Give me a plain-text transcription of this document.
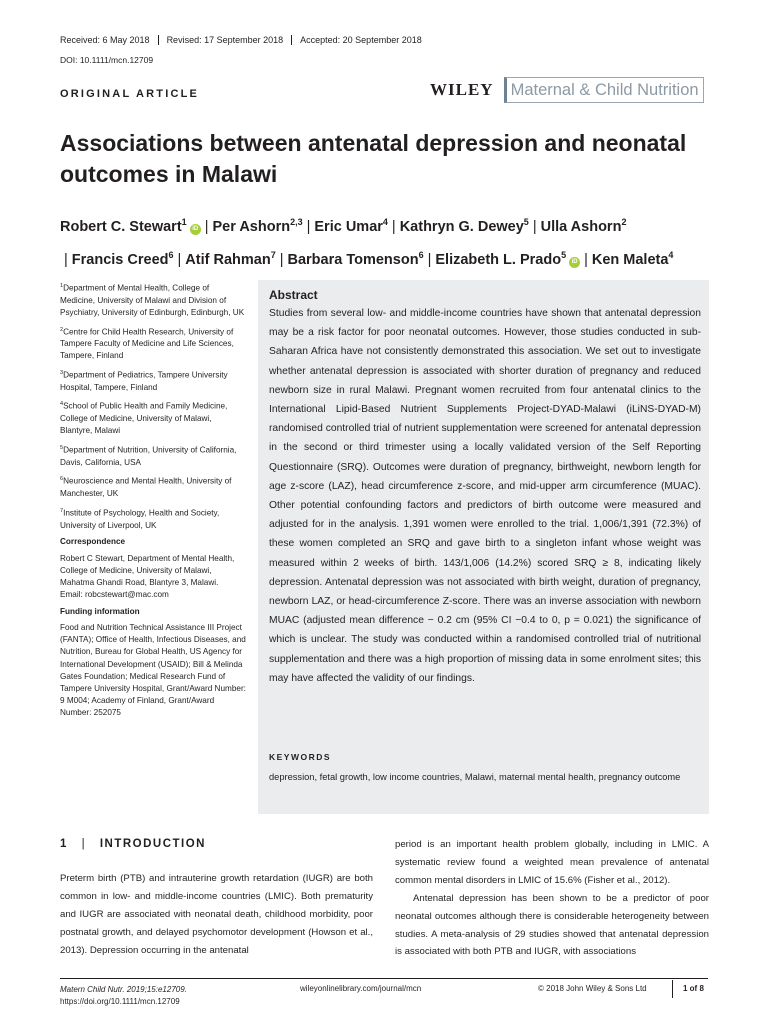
Received: 6 May 2018	Revised: 17 September 2018	Accepted: 20 September 2018
DOI: 10.1111/mcn.12709
ORIGINAL ARTICLE	WILEY	Maternal & Child Nutrition
Associations between antenatal depression and neonatal outcomes in Malawi
Robert C. Stewart$^1$iD | Per Ashorn$^{2,3}$ | Eric Umar$^4$ | Kathryn G. Dewey$^5$ | Ulla Ashorn$^2$
| Francis Creed$^6$ | Atif Rahman$^7$ | Barbara Tomenson$^6$ | Elizabeth L. Prado$^5$iD | Ken Maleta$^4$

$^1$Department of Mental Health, College of Medicine, University of Malawi and Division of Psychiatry, University of Edinburgh, Edinburgh, UK

$^2$Centre for Child Health Research, University of Tampere Faculty of Medicine and Life Sciences, Tampere, Finland

$^3$Department of Pediatrics, Tampere University Hospital, Tampere, Finland

$^4$School of Public Health and Family Medicine, College of Medicine, University of Malawi, Blantyre, Malawi

$^5$Department of Nutrition, University of California, Davis, California, USA

$^6$Neuroscience and Mental Health, University of Manchester, UK

$^7$Institute of Psychology, Health and Society, University of Liverpool, UK

Correspondence

Robert C Stewart, Department of Mental Health, College of Medicine, University of Malawi, Mahatma Ghandi Road, Blantyre 3, Malawi.

Email: robcstewart@mac.com

Funding information

Food and Nutrition Technical Assistance III Project (FANTA); Office of Health, Infectious Diseases, and Nutrition, Bureau for Global Health, US Agency for International Development (USAID); Bill & Melinda Gates Foundation; Medical Research Fund of Tampere University Hospital, Grant/Award Number: 9 M004; Academy of Finland, Grant/Award Number: 252075

Abstract
Studies from several low- and middle-income countries have shown that antenatal depression may be a risk factor for poor neonatal outcomes. However, those studies conducted in sub-Saharan Africa have not consistently demonstrated this association. We set out to investigate whether antenatal depression is associated with shorter duration of pregnancy and reduced newborn size in rural Malawi. Pregnant women recruited from four antenatal clinics to the International Lipid-Based Nutrient Supplements Project-DYAD-Malawi (iLiNS-DYAD-M) randomised controlled trial of nutrient supplementation were screened for antenatal depression in the second or third trimester using a locally validated version of the Self Reporting Questionnaire (SRQ). Outcomes were duration of pregnancy, birthweight, newborn length for age z-score (LAZ), head circumference z-score, and mid-upper arm circumference (MUAC). Other potential confounding factors and predictors of birth outcome were measured and adjusted for in the analysis. 1,391 women were enrolled to the trial. 1,006/1,391 (72.3%) of these women completed an SRQ and gave birth to a singleton infant whose weight was measured within 2 weeks of birth. 143/1,006 (14.2%) scored SRQ ≥ 8, indicating likely depression. Antenatal depression was not associated with birth weight, duration of pregnancy, newborn LAZ, or head-circumference Z-score. There was an inverse association with newborn MUAC (adjusted mean difference − 0.2 cm (95% CI −0.4 to 0, p = 0.021) the significance of which is unclear. The study was conducted within a randomised controlled trial of nutritional supplementation and there was a high proportion of missing data in some enrolment sites; this may have affected the validity of our findings.
KEYWORDS
depression, fetal growth, low income countries, Malawi, maternal mental health, pregnancy outcome
1 | INTRODUCTION
Preterm birth (PTB) and intrauterine growth retardation (IUGR) are both common in low- and middle-income countries (LMIC). Both prematurity and IUGR are associated with neonatal death, childhood morbidity, poor postnatal growth, and delayed psychomotor development (Howson et al., 2013). Depression occurring in the antenatal
period is an important health problem globally, including in LMIC. A systematic review found a weighted mean prevalence of antenatal common mental disorders in LMIC of 15.6% (Fisher et al., 2012).
Antenatal depression has been shown to be a predictor of poor neonatal outcomes although there is considerable heterogeneity between studies. A meta-analysis of 29 studies showed that antenatal depression is associated with both PTB and IUGR, with associations
Matern Child Nutr. 2019;15:e12709.
https://doi.org/10.1111/mcn.12709
wileyonlinelibrary.com/journal/mcn	© 2018 John Wiley & Sons Ltd	1 of 8
